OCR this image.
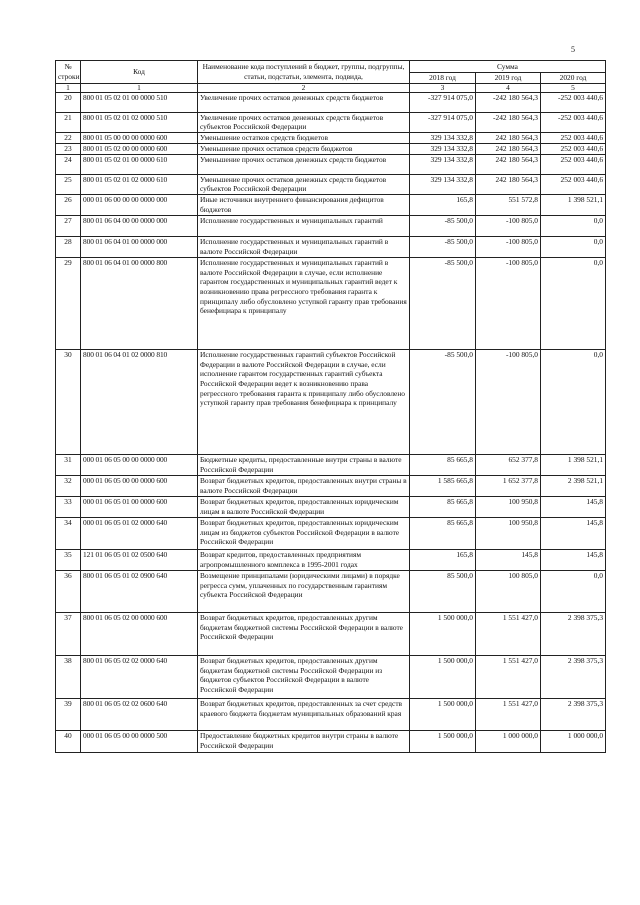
5
№ строки	Код	Наименование кода поступлений в бюджет, группы, подгруппы, статьи, подстатьи, элемента, подвида,	Сумма		
			2018 год	2019 год	2020 год
1	1	2	3	4	5
20	800 01 05 02 01 00 0000 510	Увеличение прочих остатков денежных средств бюджетов	-327 914 075,0	-242 180 564,3	-252 003 440,6
21	800 01 05 02 01 02 0000 510	Увеличение прочих остатков денежных средств бюджетов субъектов Российской Федерации	-327 914 075,0	-242 180 564,3	-252 003 440,6
22	800 01 05 00 00 00 0000 600	Уменьшение остатков средств бюджетов	329 134 332,8	242 180 564,3	252 003 440,6
23	800 01 05 02 00 00 0000 600	Уменьшение прочих остатков средств бюджетов	329 134 332,8	242 180 564,3	252 003 440,6
24	800 01 05 02 01 00 0000 610	Уменьшение прочих остатков денежных средств бюджетов	329 134 332,8	242 180 564,3	252 003 440,6
25	800 01 05 02 01 02 0000 610	Уменьшение прочих остатков денежных средств бюджетов субъектов Российской Федерации	329 134 332,8	242 180 564,3	252 003 440,6
26	000 01 06 00 00 00 0000 000	Иные источники внутреннего финансирования дефицитов бюджетов	165,8	551 572,8	1 398 521,1
27	800 01 06 04 00 00 0000 000	Исполнение государственных и муниципальных гарантий	-85 500,0	-100 805,0	0,0
28	800 01 06 04 01 00 0000 000	Исполнение государственных и муниципальных гарантий в валюте Российской Федерации	-85 500,0	-100 805,0	0,0
29	800 01 06 04 01 00 0000 800	Исполнение государственных и муниципальных гарантий в валюте Российской Федерации в случае, если исполнение гарантом государственных и муниципальных гарантий ведет к возникновению права регрессного требования гаранта к принципалу либо обусловлено уступкой гаранту прав требования бенефициара к принципалу	-85 500,0	-100 805,0	0,0
30	800 01 06 04 01 02 0000 810	Исполнение государственных гарантий субъектов Российской Федерации в валюте Российской Федерации в случае, если исполнение гарантом государственных гарантий субъекта Российской Федерации ведет к возникновению права регрессного требования гаранта к принципалу либо обусловлено уступкой гаранту прав требования бенефициара к принципалу	-85 500,0	-100 805,0	0,0
31	000 01 06 05 00 00 0000 000	Бюджетные кредиты, предоставленные внутри страны в валюте Российской Федерации	85 665,8	652 377,8	1 398 521,1
32	000 01 06 05 00 00 0000 600	Возврат бюджетных кредитов, предоставленных внутри страны в валюте Российской Федерации	1 585 665,8	1 652 377,8	2 398 521,1
33	000 01 06 05 01 00 0000 600	Возврат бюджетных кредитов, предоставленных юридическим лицам в валюте Российской Федерации	85 665,8	100 950,8	145,8
34	000 01 06 05 01 02 0000 640	Возврат бюджетных кредитов, предоставленных юридическим лицам из бюджетов субъектов Российской Федерации в валюте Российской Федерации	85 665,8	100 950,8	145,8
35	121 01 06 05 01 02 0500 640	Возврат кредитов, предоставленных предприятиям агропромышленного комплекса в 1995-2001 годах	165,8	145,8	145,8
36	800 01 06 05 01 02 0900 640	Возмещение принципалами (юридическими лицами) в порядке регресса сумм, уплаченных по государственным гарантиям субъекта Российской Федерации	85 500,0	100 805,0	0,0
37	800 01 06 05 02 00 0000 600	Возврат бюджетных кредитов, предоставленных другим бюджетам бюджетной системы Российской Федерации в валюте Российской Федерации	1 500 000,0	1 551 427,0	2 398 375,3
38	800 01 06 05 02 02 0000 640	Возврат бюджетных кредитов, предоставленных другим бюджетам бюджетной системы Российской Федерации из бюджетов субъектов Российской Федерации в валюте Российской Федерации	1 500 000,0	1 551 427,0	2 398 375,3
39	800 01 06 05 02 02 0600 640	Возврат бюджетных кредитов, предоставленных за счет средств краевого бюджета бюджетам муниципальных образований края	1 500 000,0	1 551 427,0	2 398 375,3
40	000 01 06 05 00 00 0000 500	Предоставление бюджетных кредитов внутри страны в валюте Российской Федерации	1 500 000,0	1 000 000,0	1 000 000,0
